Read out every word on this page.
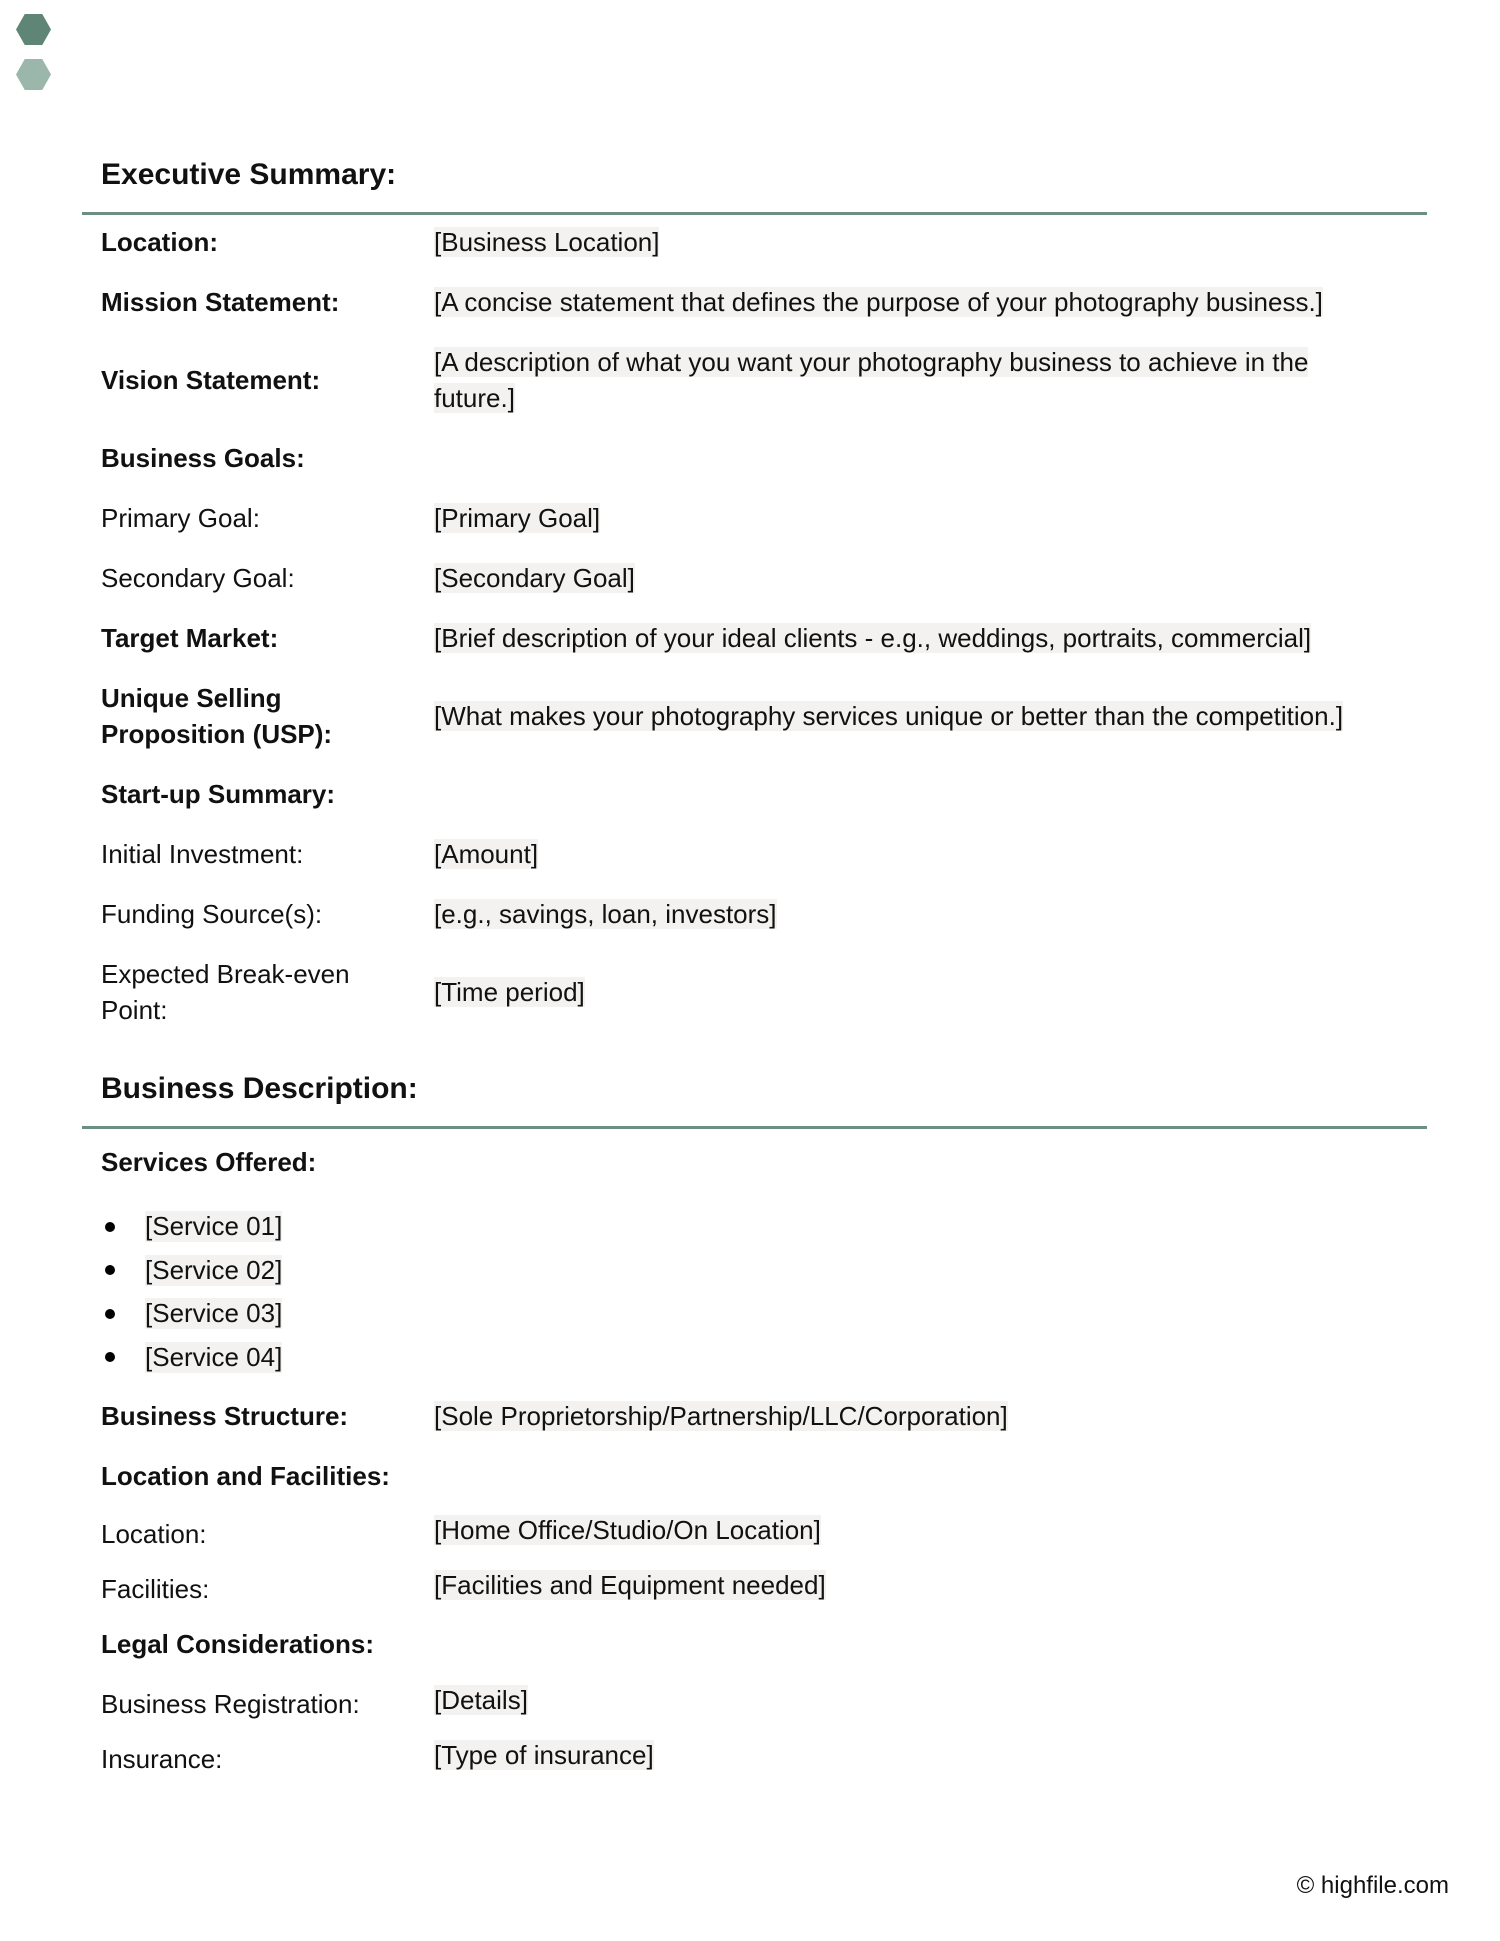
Executive Summary:
Location:	[Business Location]
Mission Statement:	[A concise statement that defines the purpose of your photography business.]
Vision Statement:
[A description of what you want your photography business to achieve in the future.]
Business Goals:
Primary Goal:	[Primary Goal]
Secondary Goal:	[Secondary Goal]
Target Market:	[Brief description of your ideal clients - e.g., weddings, portraits, commercial]
Unique Selling Proposition (USP):
[What makes your photography services unique or better than the competition.]
Start-up Summary:
Initial Investment:	[Amount]
Funding Source(s):	[e.g., savings, loan, investors]
Expected Break-even Point:
[Time period]
Business Description:
Services Offered:
[Service 01]
[Service 02]
[Service 03]
[Service 04]
Business Structure:	[Sole Proprietorship/Partnership/LLC/Corporation]
Location and Facilities:
Location:	[Home Office/Studio/On Location]
Facilities:	[Facilities and Equipment needed]
Legal Considerations:
Business Registration:	[Details]
Insurance:	[Type of insurance]
© highfile.com
